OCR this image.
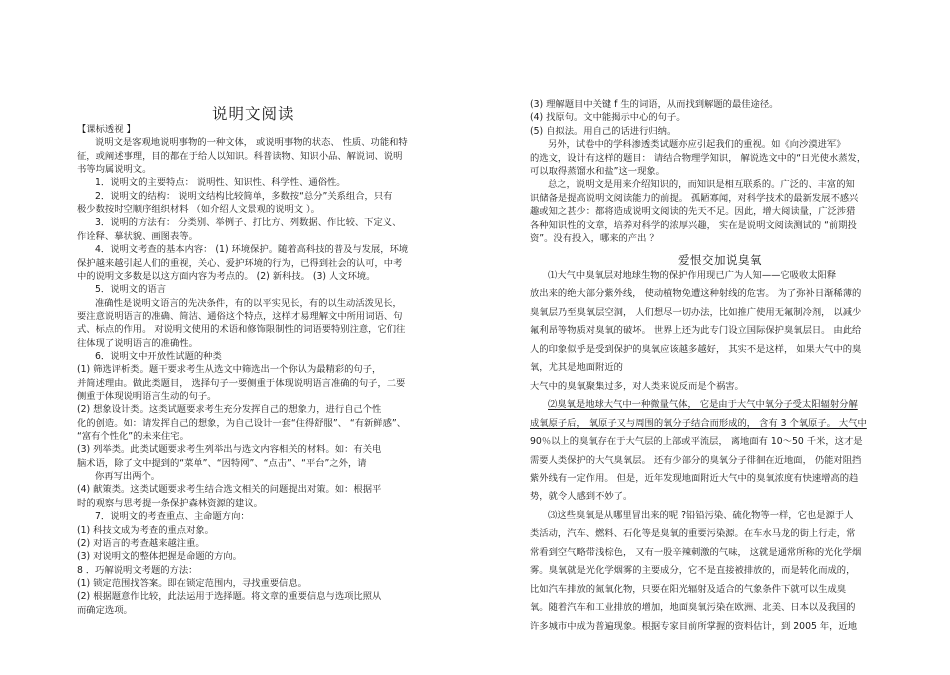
说明文阅读
【课标透视 】
说明文是客观地说明事物的一种文体， 或说明事物的状态、 性质、功能和特
征，或阐述事理，目的都在于给人以知识。科普读物、知识小品、解说词、说明
书等均属说明文。
1．说明文的主要特点： 说明性、知识性、科学性、通俗性。
2．说明文的结构： 说明文结构比较简单，多数按“总分”关系组合，只有
极少数按时空顺序组织材料 （如介绍人文景观的说明文 ）。
3．说明的方法有： 分类别、举例子、打比方、列数据、作比较、下定义、
作诠释、摹状貌、画图表等。
4．说明文考查的基本内容： (1) 环境保护。随着高科技的普及与发展，环境
保护越来越引起人们的重视，关心、爱护环境的行为，已得到社会的认可，中考
中的说明文多数是以这方面内容为考点的。 (2) 新科技。 (3) 人文环境。
5．说明文的语言
准确性是说明文语言的先决条件，有的以平实见长，有的以生动活泼见长，
要注意说明语言的准确、简洁、通俗这个特点，这样才易理解文中所用词语、句
式、标点的作用。 对说明文使用的术语和修饰限制性的词语要特别注意，它们往
往体现了说明语言的准确性。
6．说明文中开放性试题的种类
(1) 筛选评析类。题干要求考生从选文中筛选出一个你认为最精彩的句子，
并简述理由。做此类题目， 选择句子一要侧重于体现说明语言准确的句子，二要
侧重于体现说明语言生动的句子。
(2) 想象设计类。这类试题要求考生充分发挥自己的想象力，进行自己个性
化的创造。如：请发挥自己的想象，为自己设计一套“住得舒服”、 “有新鲜感”、
“富有个性化”的未来住宅。
(3) 列举类。此类试题要求考生列举出与选文内容相关的材料。如：有关电
脑术语，除了文中提到的“菜单”、“因特网”、“点击”、“平台”之外，请
你再写出两个。
(4) 献策类。这类试题要求考生结合选文相关的问题提出对策。如：根据平
时的观察与思考提一条保护森林资源的建议。
7．说明文的考查重点、主命题方向：
(1) 科技文成为考查的重点对象。
(2) 对语言的考查越来越注重。
(3) 对说明文的整体把握是命题的方向。
8 ．巧解说明文考题的方法：
(1) 锁定范围找答案。即在锁定范围内，寻找重要信息。
(2) 根据题意作比较，此法运用于选择题。将文章的重要信息与选项比照从
而确定选项。
(3) 理解题目中关键 f 生的词语，从而找到解题的最佳途径。
(4) 找原句。文中能揭示中心的句子。
(5) 自拟法。用自己的话进行归纳。
另外，试卷中的学科渗透类试题亦应引起我们的重视。如《向沙漠进军》
的选文，设计有这样的题目： 请结合物理学知识， 解说选文中的“日光使水蒸发，
可以取得蒸馏水和盐”这一现象。
总之，说明文是用来介绍知识的，而知识是相互联系的。广泛的、丰富的知
识储备是提高说明文阅读能力的前提。 孤陋寡闻，对科学技术的最新发展不感兴
趣或知之甚少：都将造成说明文阅读的先天不足。因此，增大阅读量，广泛涉猎
各种知识性的文章，培养对科学的浓厚兴趣， 实在是说明文阅读测试的 “前期投
资”。没有投入，哪来的产出 ？
爱恨交加说臭氧
⑴大气中臭氧层对地球生物的保护作用现已广为人知——它吸收太阳释
放出来的绝大部分紫外线， 使动植物免遭这种射线的危害。 为了弥补日渐稀薄的
臭氧层乃至臭氧层空洞， 人们想尽一切办法，比如推广使用无氟制冷剂， 以减少
氟利昂等物质对臭氧的破坏。 世界上还为此专门设立国际保护臭氧层日。 由此给
人的印象似乎是受到保护的臭氧应该越多越好， 其实不是这样， 如果大气中的臭
氧，尤其是地面附近的
大气中的臭氧聚集过多，对人类来说反而是个祸害。
⑵臭氧是地球大气中一种微量气体， 它是由于大气中氧分子受太阳辐射分解
成氧原子后， 氧原子又与周围的氧分子结合而形成的， 含有 3 个氧原子。 大气中
90％以上的臭氧存在于大气层的上部或平流层， 离地面有 10～50 千米，这才是
需要人类保护的大气臭氧层。 还有少部分的臭氧分子徘徊在近地面， 仍能对阻挡
紫外线有一定作用。 但是，近年发现地面附近大气中的臭氧浓度有快速增高的趋
势，就令人感到不妙了。
⑶这些臭氧是从哪里冒出来的呢 ?铅铅污染、硫化物等一样，它也是源于人
类活动，汽车、燃料、石化等是臭氧的重要污染源。在车水马龙的街上行走，常
常看到空气略带浅棕色， 又有一股辛辣刺激的气味， 这就是通常所称的光化学烟
雾。臭氧就是光化学烟雾的主要成分，它不是直接被排放的，而是转化而成的，
比如汽车排放的氮氧化物，只要在阳光辐射及适合的气象条件下就可以生成臭
氧。随着汽车和工业排放的增加，地面臭氧污染在欧洲、北美、日本以及我国的
许多城市中成为普遍现象。根据专家目前所掌握的资料估计，到 2005 年，近地
